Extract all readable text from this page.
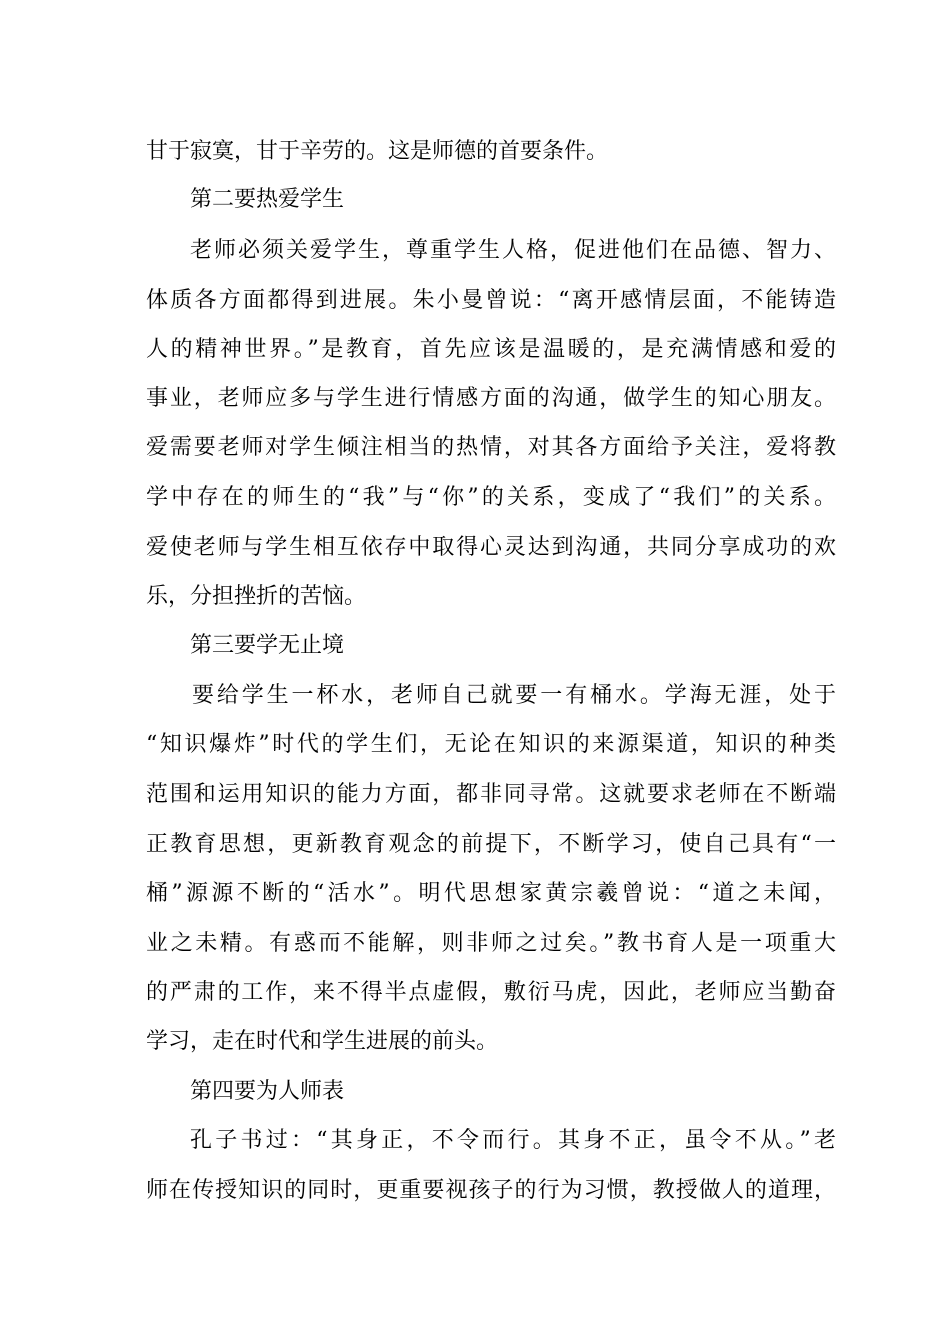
甘于寂寞，甘于辛劳的。这是师德的首要条件。
第二要热爱学生
老师必须关爱学生，尊重学生人格，促进他们在品德、智力、
体质各方面都得到进展。朱小曼曾说：“离开感情层面，不能铸造
人的精神世界。”是教育，首先应该是温暖的，是充满情感和爱的
事业，老师应多与学生进行情感方面的沟通，做学生的知心朋友。
爱需要老师对学生倾注相当的热情，对其各方面给予关注，爱将教
学中存在的师生的“我”与“你”的关系，变成了“我们”的关系。
爱使老师与学生相互依存中取得心灵达到沟通，共同分享成功的欢
乐，分担挫折的苦恼。
第三要学无止境
要给学生一杯水，老师自己就要一有桶水。学海无涯，处于
“知识爆炸”时代的学生们，无论在知识的来源渠道，知识的种类
范围和运用知识的能力方面，都非同寻常。这就要求老师在不断端
正教育思想，更新教育观念的前提下，不断学习，使自己具有“一
桶”源源不断的“活水”。明代思想家黄宗羲曾说：“道之未闻，
业之未精。有惑而不能解，则非师之过矣。”教书育人是一项重大
的严肃的工作，来不得半点虚假，敷衍马虎，因此，老师应当勤奋
学习，走在时代和学生进展的前头。
第四要为人师表
孔子书过：“其身正，不令而行。其身不正，虽令不从。”老
师在传授知识的同时，更重要视孩子的行为习惯，教授做人的道理，
